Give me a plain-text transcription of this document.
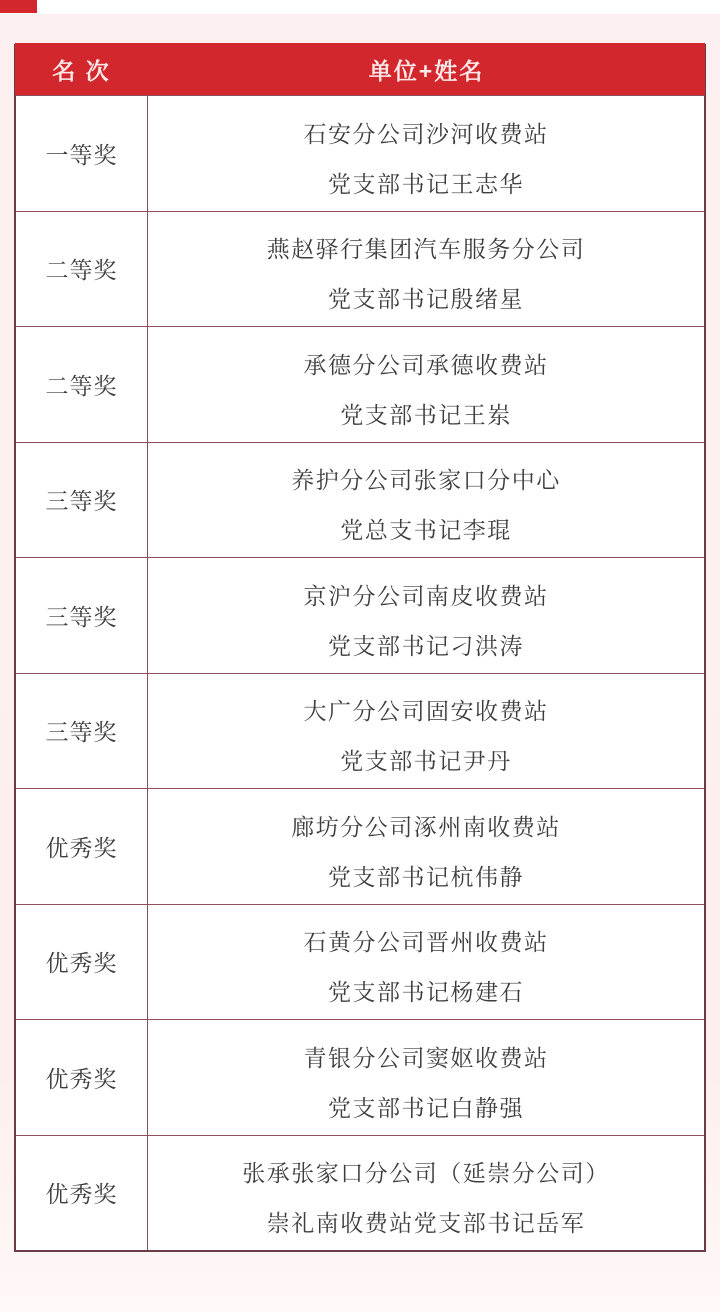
名 次	单位+姓名
一等奖
石安分公司沙河收费站
党支部书记王志华
二等奖
燕赵驿行集团汽车服务分公司
党支部书记殷绪星
二等奖
承德分公司承德收费站
党支部书记王岽
三等奖
养护分公司张家口分中心
党总支书记李琨
三等奖
京沪分公司南皮收费站
党支部书记刁洪涛
三等奖
大广分公司固安收费站
党支部书记尹丹
优秀奖
廊坊分公司涿州南收费站
党支部书记杭伟静
优秀奖
石黄分公司晋州收费站
党支部书记杨建石
优秀奖
青银分公司窦妪收费站
党支部书记白静强
优秀奖
张承张家口分公司（延崇分公司）
崇礼南收费站党支部书记岳军
